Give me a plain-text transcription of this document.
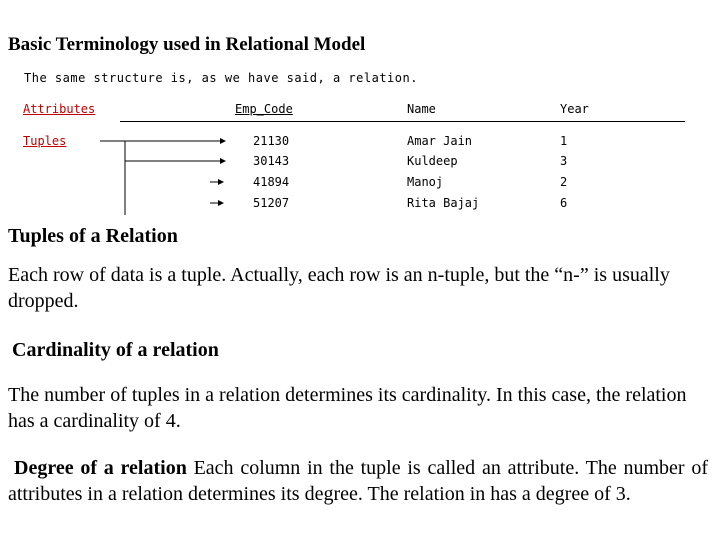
Basic Terminology used in Relational Model
The same structure is, as we have said, a relation.
Attributes	Emp_Code	Name	Year
Tuples	21130	Amar Jain	1
30143	Kuldeep	3
41894	Manoj	2
51207	Rita Bajaj	6
Tuples of a Relation

Each row of data is a tuple. Actually, each row is an n-tuple, but the “n-” is usually dropped.

Cardinality of a relation

The number of tuples in a relation determines its cardinality. In this case, the relation has a cardinality of 4.

Degree of a relation Each column in the tuple is called an attribute. The number of attributes in a relation determines its degree. The relation in has a degree of 3.
